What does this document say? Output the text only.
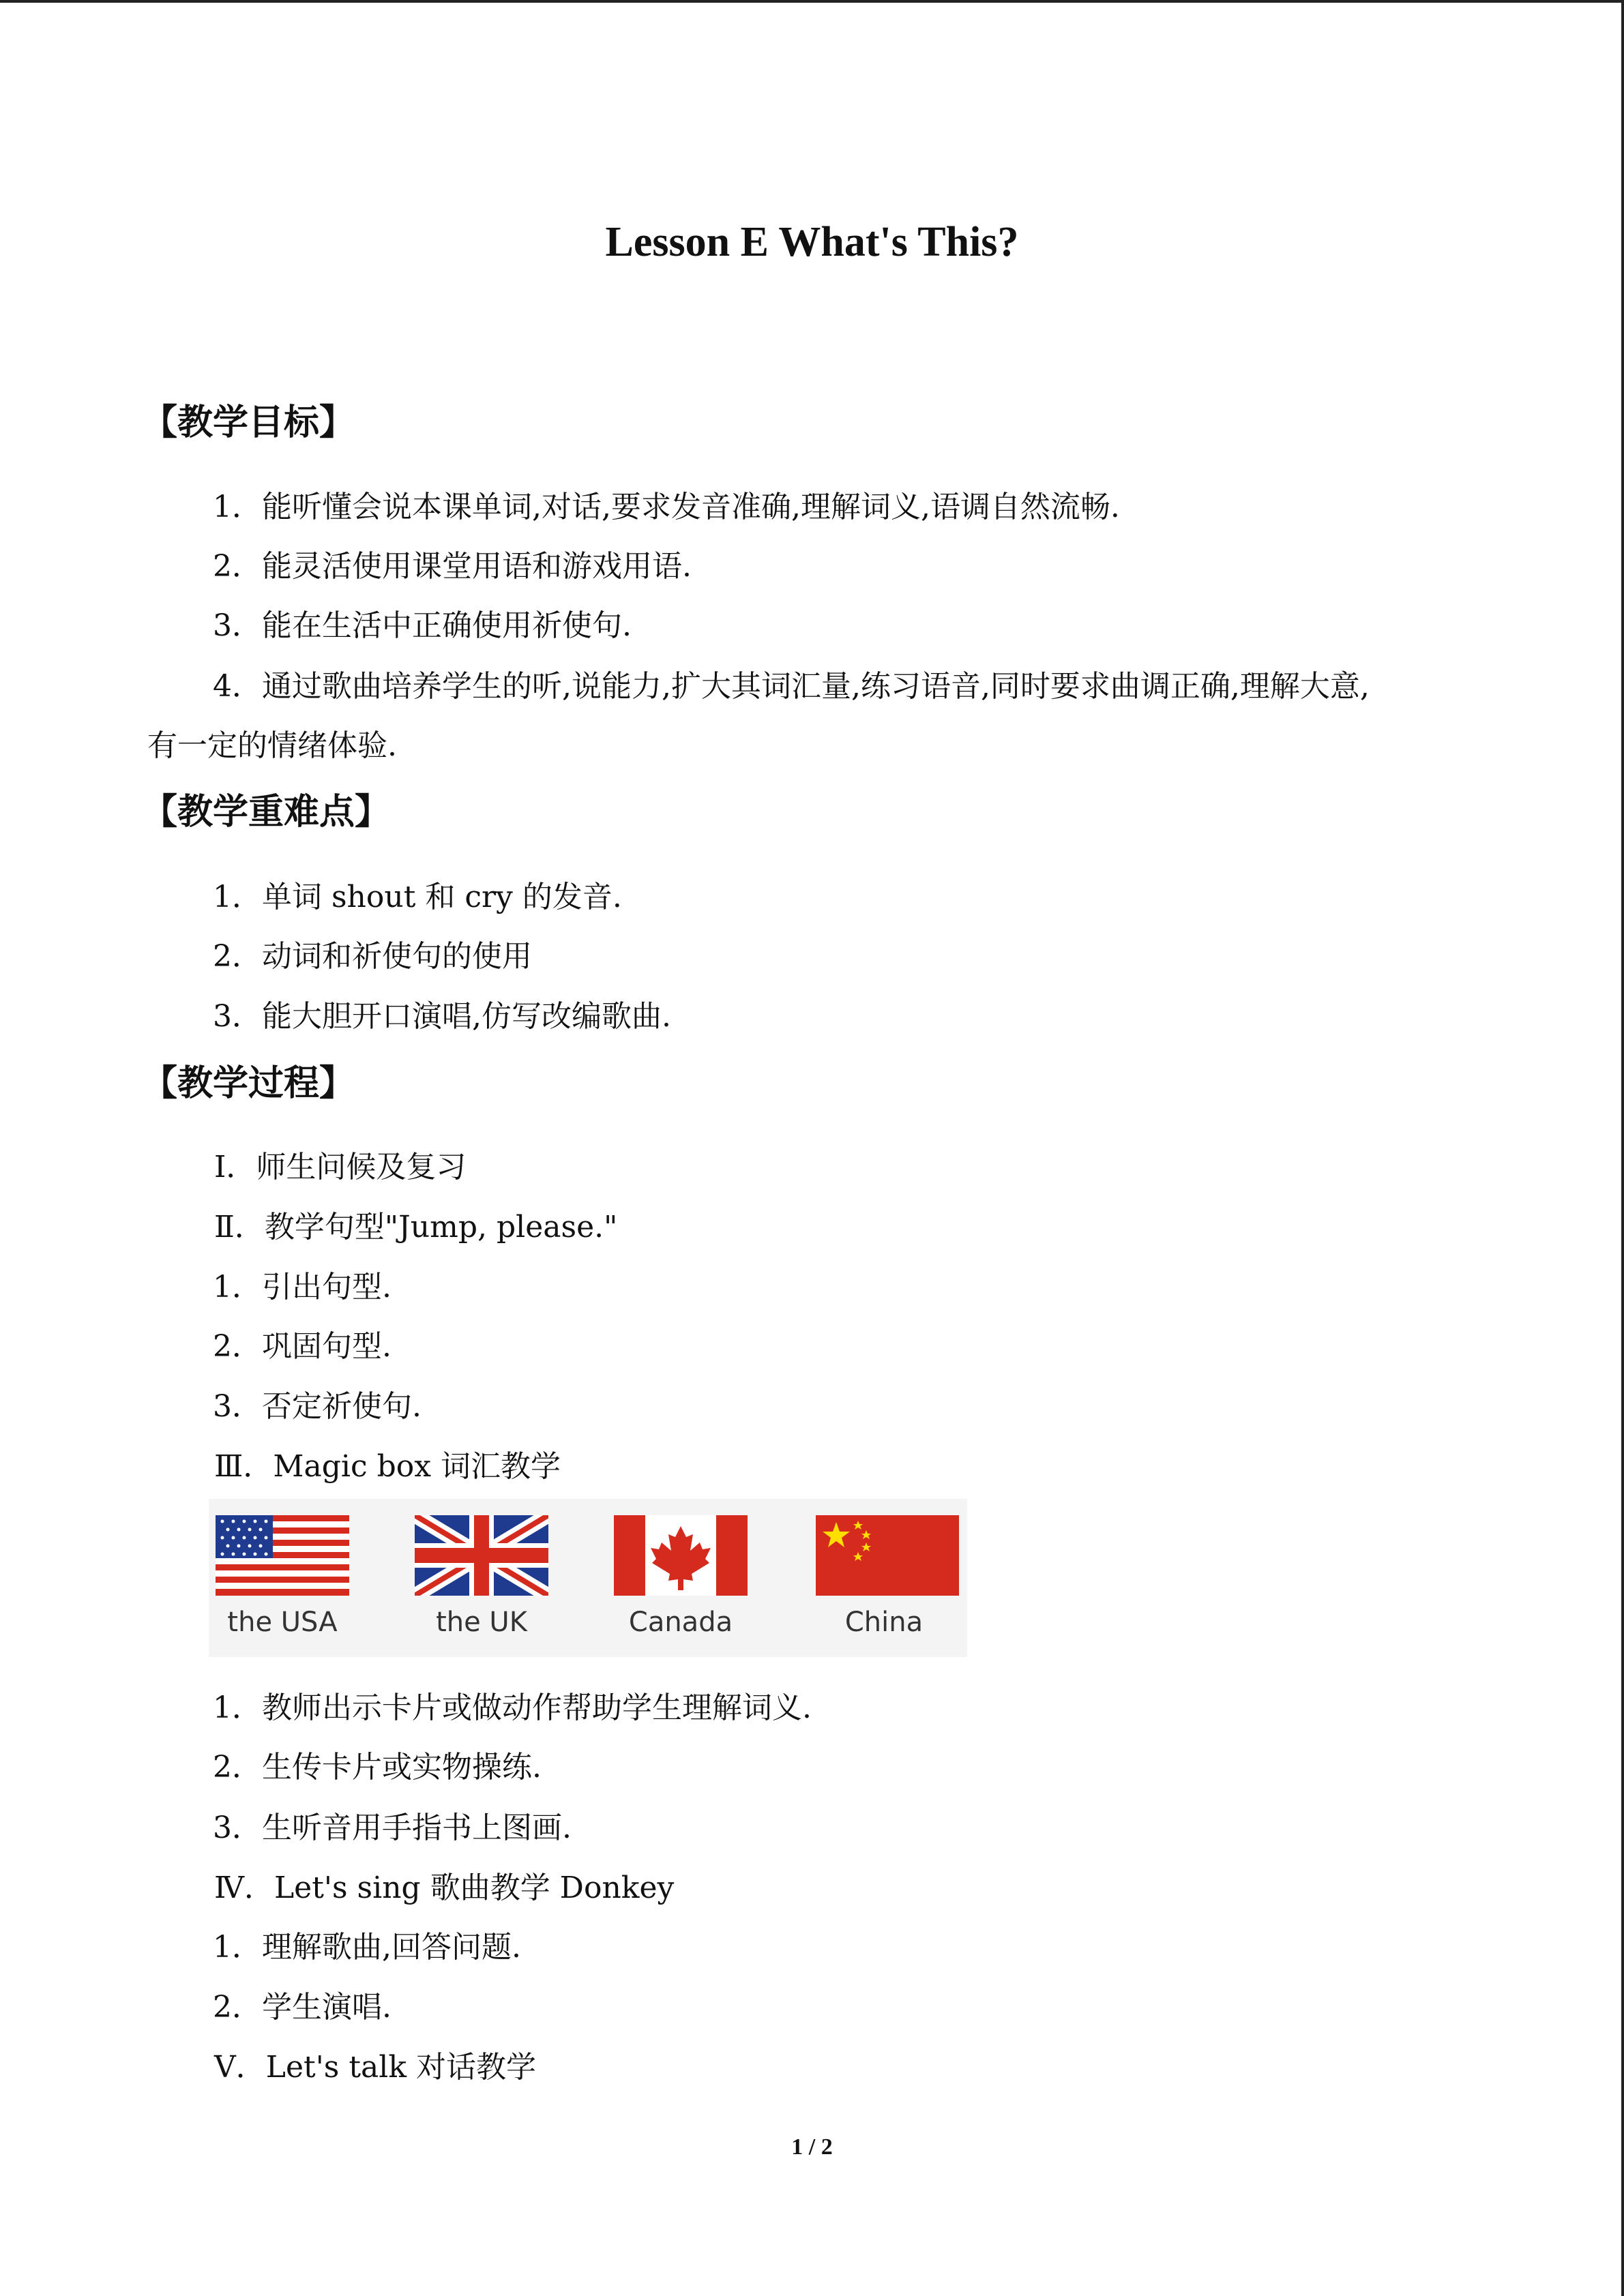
Lesson E What's This?
【教学目标】
1．能听懂会说本课单词,对话,要求发音准确,理解词义,语调自然流畅.
2．能灵活使用课堂用语和游戏用语.
3．能在生活中正确使用祈使句.
4．通过歌曲培养学生的听,说能力,扩大其词汇量,练习语音,同时要求曲调正确,理解大意,
有一定的情绪体验.
【教学重难点】
1．单词 shout 和 cry 的发音.
2．动词和祈使句的使用
3．能大胆开口演唱,仿写改编歌曲.
【教学过程】
Ⅰ．师生问候及复习
Ⅱ．教学句型"Jump, please."
1．引出句型.
2．巩固句型.
3．否定祈使句.
Ⅲ．Magic box 词汇教学
the USA	the UK	Canada	China
1．教师出示卡片或做动作帮助学生理解词义.
2．生传卡片或实物操练.
3．生听音用手指书上图画.
Ⅳ．Let's sing 歌曲教学 Donkey
1．理解歌曲,回答问题.
2．学生演唱.
Ⅴ．Let's talk 对话教学
1 / 2
